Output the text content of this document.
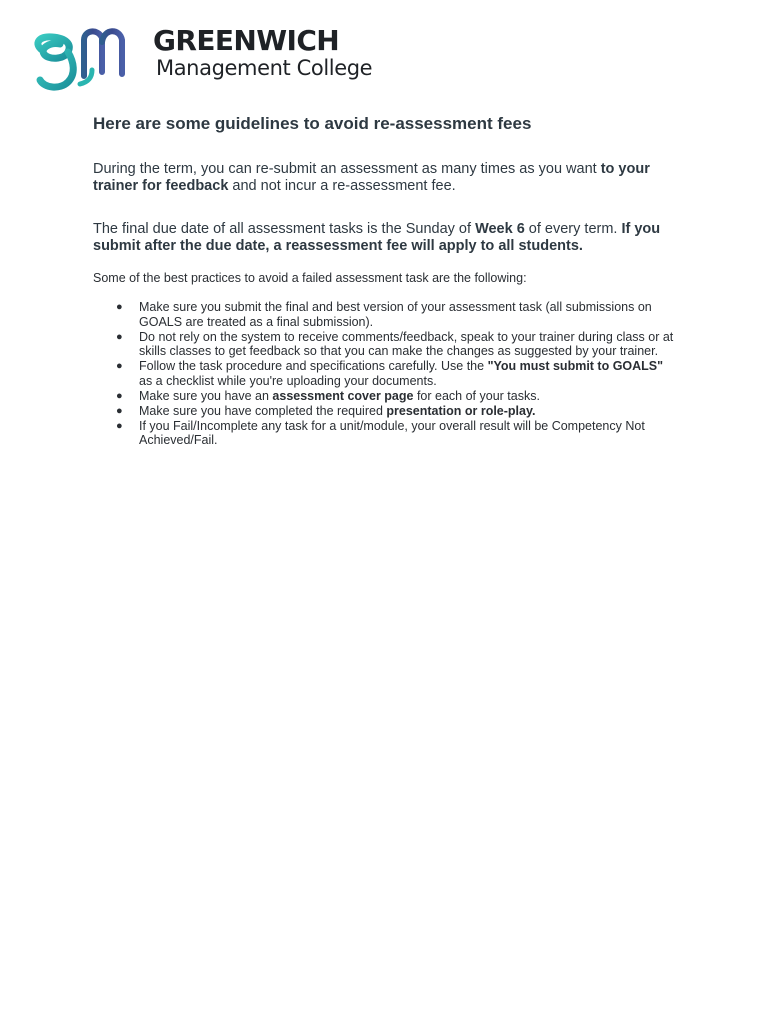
GREENWICH
Management College
Here are some guidelines to avoid re-assessment fees

During the term, you can re-submit an assessment as many times as you want to your trainer for feedback and not incur a re-assessment fee.

The final due date of all assessment tasks is the Sunday of Week 6 of every term. If you submit after the due date, a reassessment fee will apply to all students.

Some of the best practices to avoid a failed assessment task are the following:

● Make sure you submit the final and best version of your assessment task (all submissions on GOALS are treated as a final submission).
● Do not rely on the system to receive comments/feedback, speak to your trainer during class or at skills classes to get feedback so that you can make the changes as suggested by your trainer.
● Follow the task procedure and specifications carefully. Use the "You must submit to GOALS" as a checklist while you're uploading your documents.
● Make sure you have an assessment cover page for each of your tasks.
● Make sure you have completed the required presentation or role-play.
● If you Fail/Incomplete any task for a unit/module, your overall result will be Competency Not Achieved/Fail.
